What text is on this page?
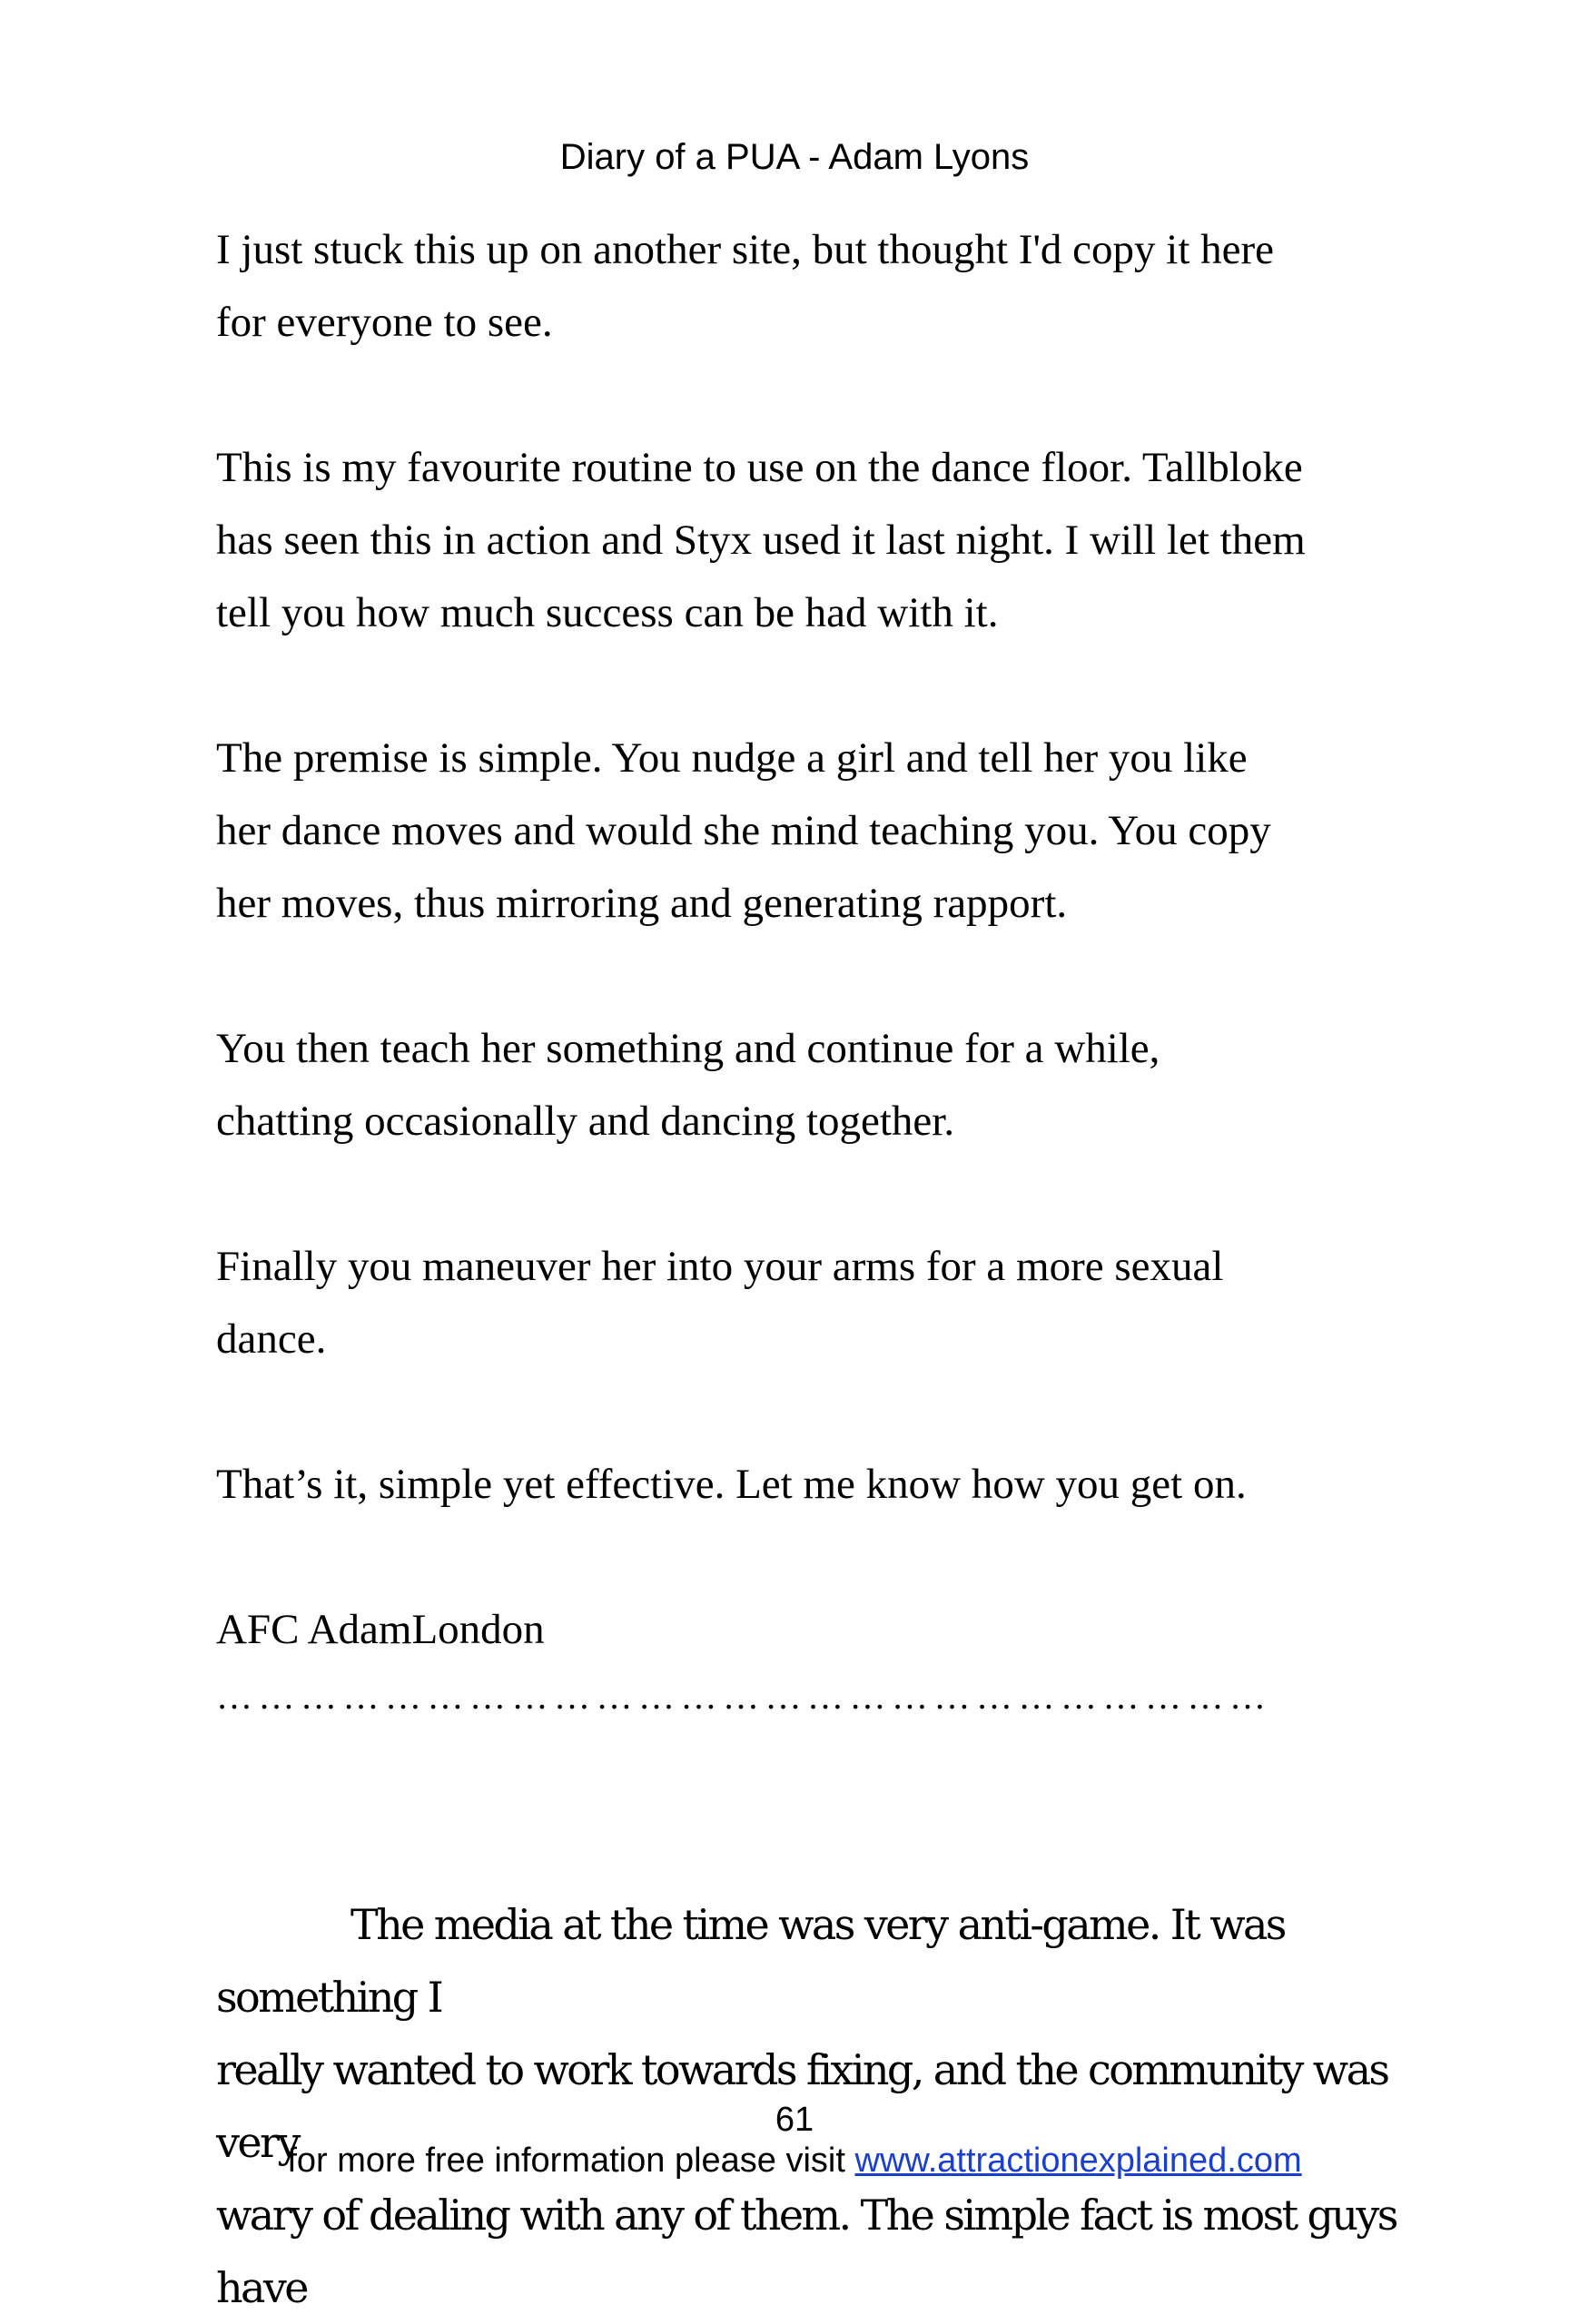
Diary of a PUA - Adam Lyons

I just stuck this up on another site, but thought I'd copy it here
for everyone to see.

This is my favourite routine to use on the dance floor. Tallbloke
has seen this in action and Styx used it last night. I will let them
tell you how much success can be had with it.

The premise is simple. You nudge a girl and tell her you like
her dance moves and would she mind teaching you. You copy
her moves, thus mirroring and generating rapport.

You then teach her something and continue for a while,
chatting occasionally and dancing together.

Finally you maneuver her into your arms for a more sexual
dance.

That’s it, simple yet effective. Let me know how you get on.

AFC AdamLondon

…………………………………………………………………

The media at the time was very anti-game. It was something I
really wanted to work towards fixing, and the community was very
wary of dealing with any of them. The simple fact is most guys have

61
for more free information please visit www.attractionexplained.com
